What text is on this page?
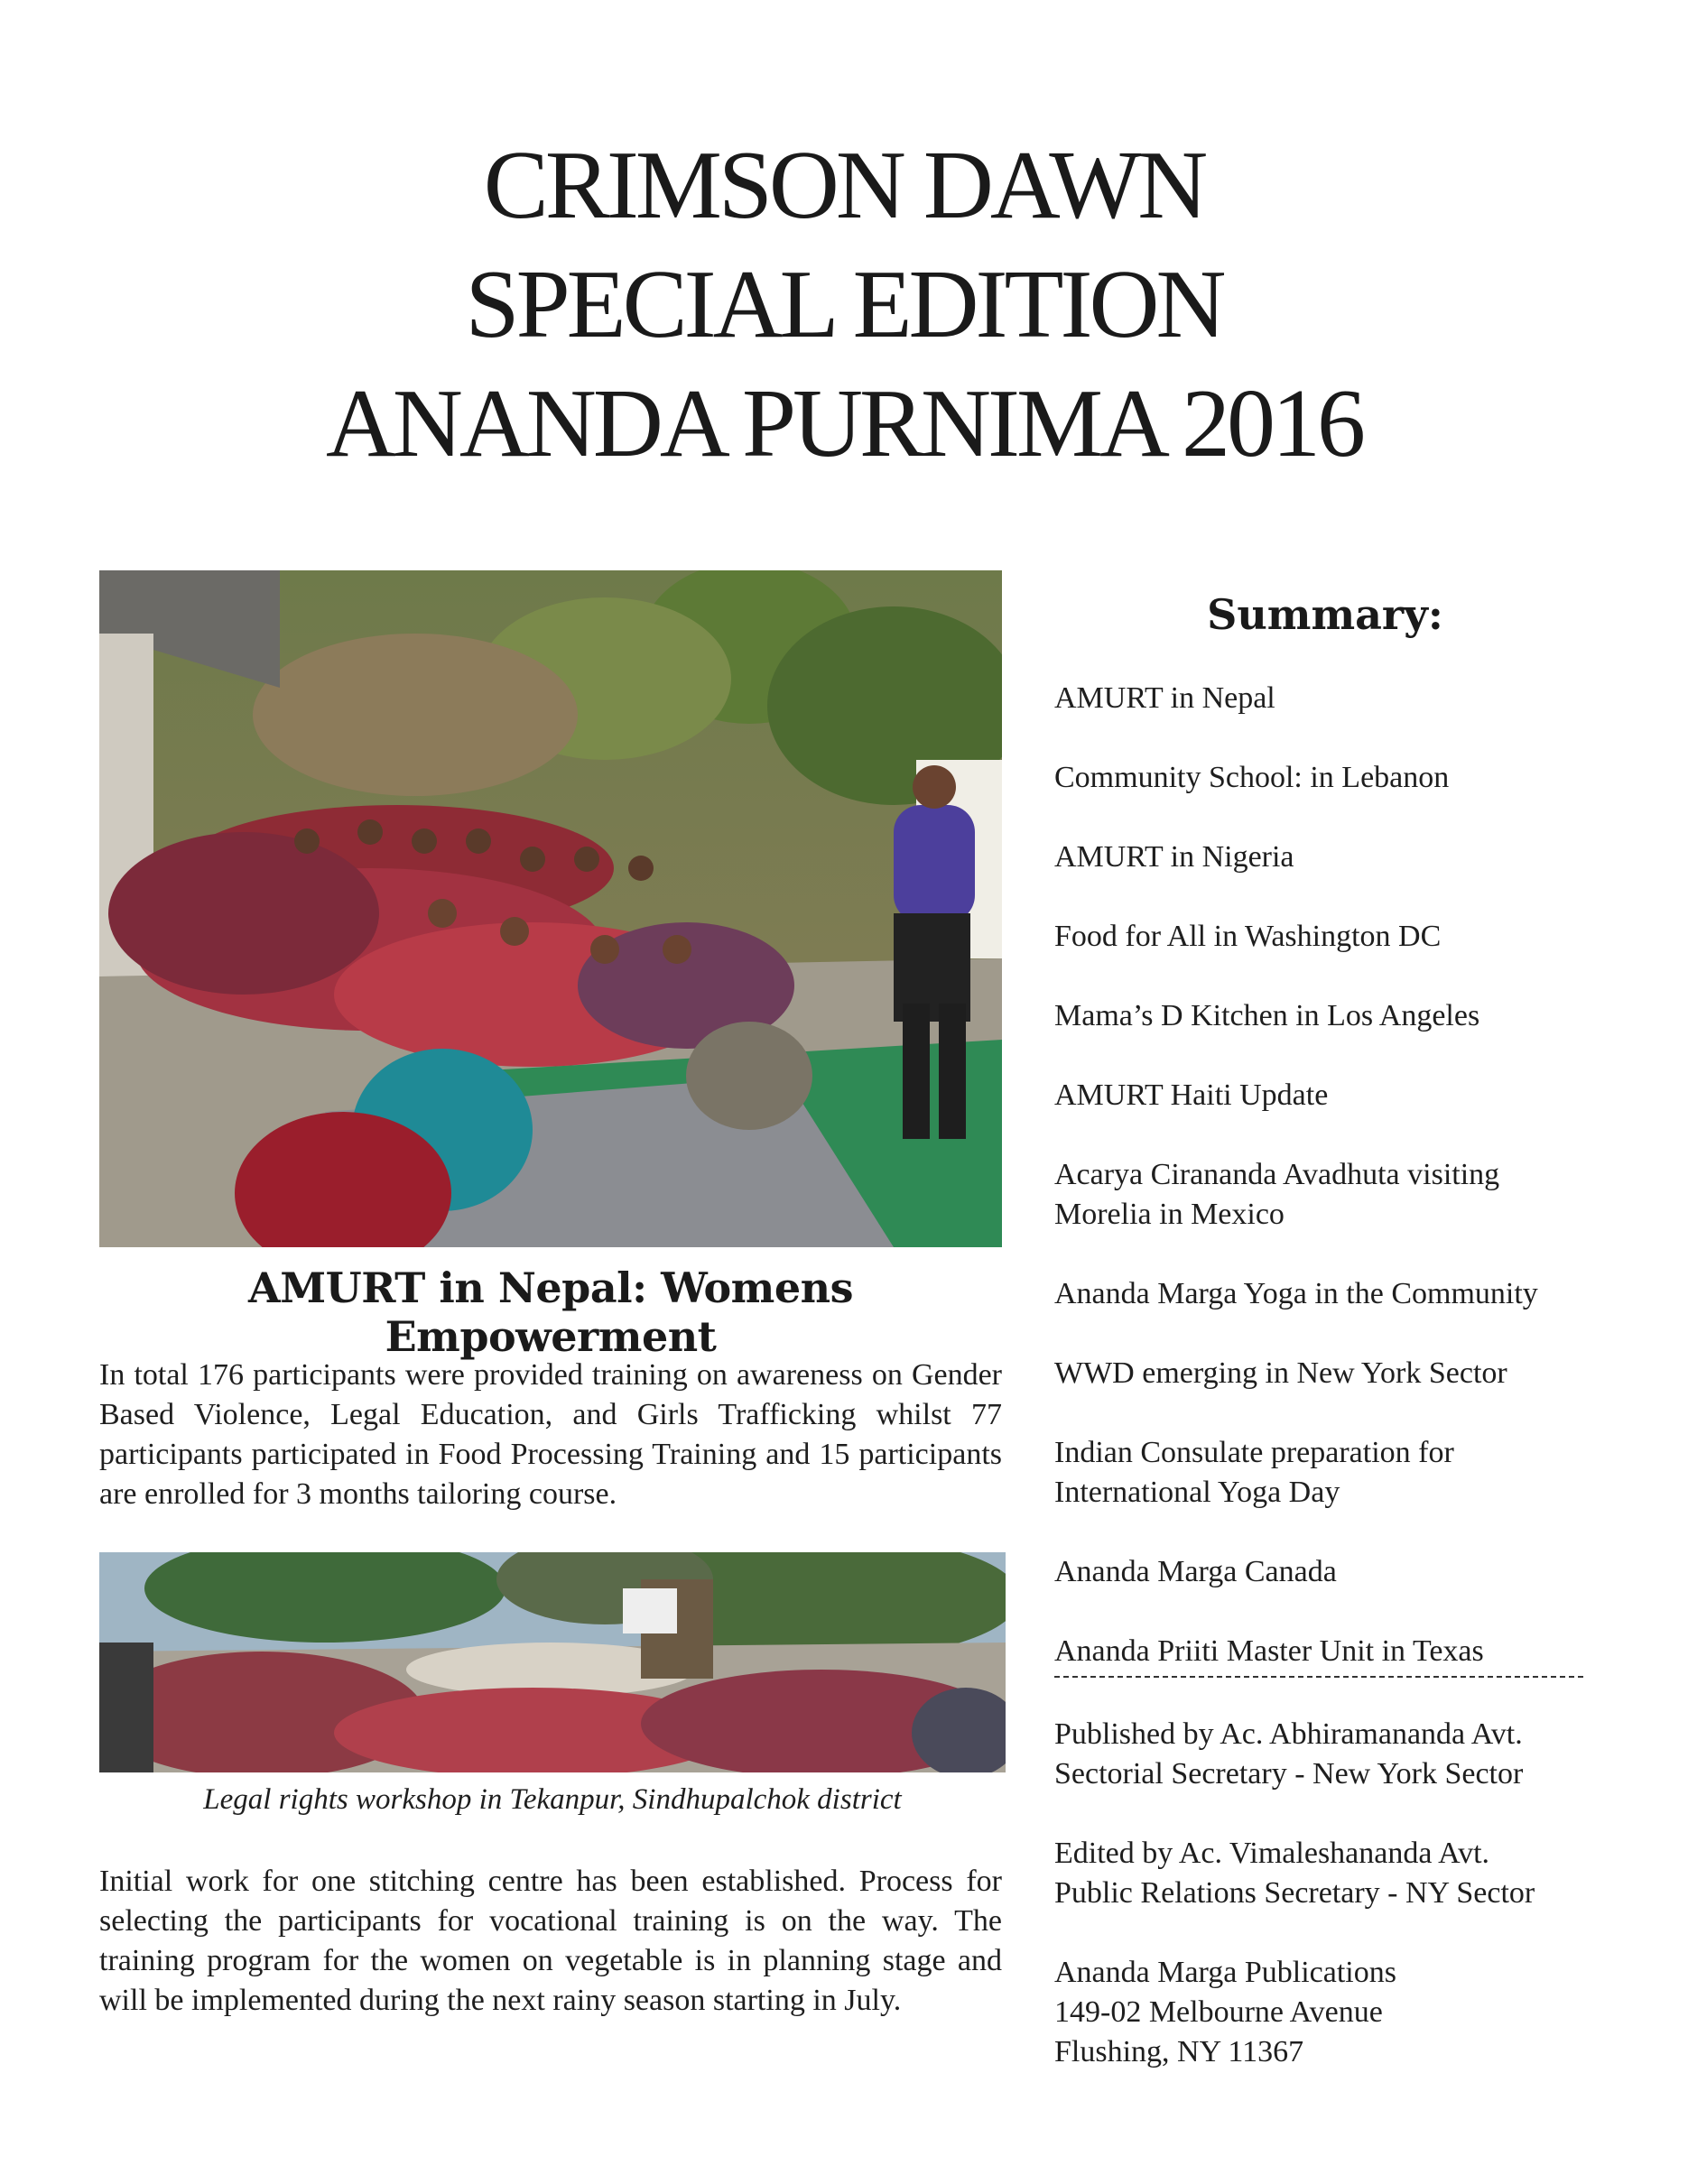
CRIMSON DAWN
SPECIAL EDITION
ANANDA PURNIMA 2016
AMURT in Nepal: Womens Empowerment
In total 176 participants were provided training on awareness on Gender Based Violence, Legal Education, and Girls Trafficking whilst 77 participants participated in Food Processing Training and 15 participants are enrolled for 3 months tailoring course.
Legal rights workshop in Tekanpur, Sindhupalchok district
Initial work for one stitching centre has been established. Process for selecting the participants for vocational training is on the way. The training program for the women on vegetable is in planning stage and will be implemented during the next rainy season starting in July.
Summary:
AMURT in Nepal
Community School: in Lebanon
AMURT in Nigeria
Food for All in Washington DC
Mama’s D Kitchen in Los Angeles
AMURT Haiti Update
Acarya Cirananda Avadhuta visiting Morelia in Mexico
Ananda Marga Yoga in the Community
WWD emerging in New York Sector
Indian Consulate preparation for International Yoga Day
Ananda Marga Canada
Ananda Priiti Master Unit in Texas
Published by Ac. Abhiramananda Avt.
Sectorial Secretary - New York Sector
Edited by Ac. Vimaleshananda Avt.
Public Relations Secretary - NY Sector
Ananda Marga Publications
149-02 Melbourne Avenue
Flushing, NY 11367
